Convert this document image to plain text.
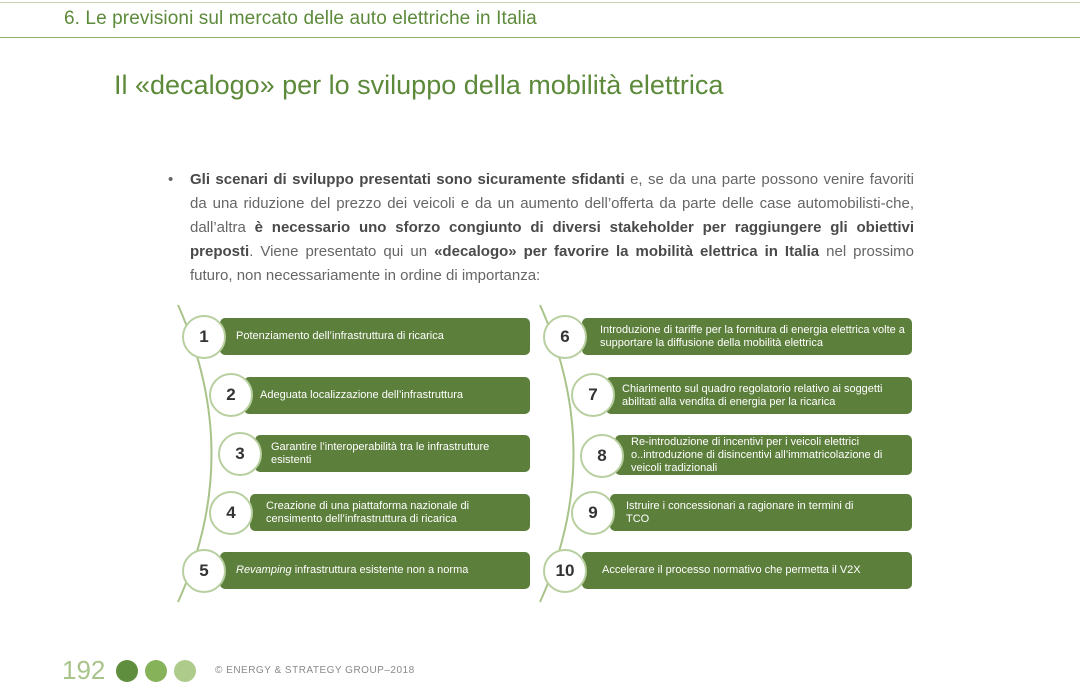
6. Le previsioni sul mercato delle auto elettriche in Italia
Il «decalogo» per lo sviluppo della mobilità elettrica
• Gli scenari di sviluppo presentati sono sicuramente sfidanti e, se da una parte possono venire favoriti da una riduzione del prezzo dei veicoli e da un aumento dell’offerta da parte delle case automobilisti-che, dall’altra è necessario uno sforzo congiunto di diversi stakeholder per raggiungere gli obiettivi preposti. Viene presentato qui un «decalogo» per favorire la mobilità elettrica in Italia nel prossimo futuro, non necessariamente in ordine di importanza:
Potenziamento dell’infrastruttura di ricarica
1
Adeguata localizzazione dell’infrastruttura
2
Garantire l’interoperabilità tra le infrastrutture esistenti
3
Creazione di una piattaforma nazionale di censimento dell’infrastruttura di ricarica
4
Revamping infrastruttura esistente non a norma
5
Introduzione di tariffe per la fornitura di energia elettrica volte a supportare la diffusione della mobilità elettrica
6
Chiarimento sul quadro regolatorio relativo ai soggetti abilitati alla vendita di energia per la ricarica
7
Re-introduzione di incentivi per i veicoli elettrici o..introduzione di disincentivi all’immatricolazione di veicoli tradizionali
8
Istruire i concessionari a ragionare in termini di TCO
9
Accelerare il processo normativo che permetta il V2X
10
192	© ENERGY & STRATEGY GROUP–2018
